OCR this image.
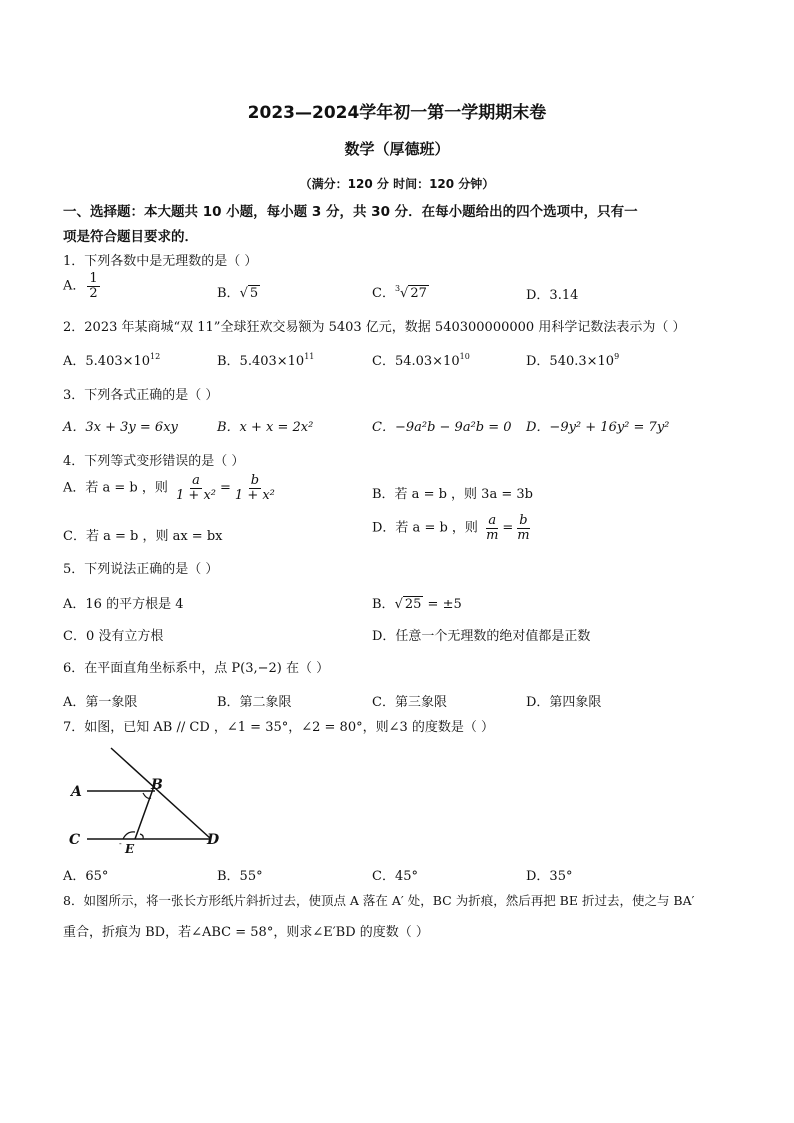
2023—2024学年初一第一学期期末卷
数学（厚德班）
（满分：120 分 时间：120 分钟）
一、选择题：本大题共 10 小题，每小题 3 分，共 30 分．在每小题给出的四个选项中，只有一
项是符合题目要求的．
1．下列各数中是无理数的是（ ）
A． $\frac{1}{2}$	B．√ 5	C．$^3$√ 27	D．3.14
2．2023 年某商城“双 11”全球狂欢交易额为 5403 亿元，数据 540300000000 用科学记数法表示为（ ）
A．$5.403\times 10^{12}$	B．$5.403\times 10^{11}$	C．$54.03\times 10^{10}$	D．$540.3\times 10^9$
3．下列各式正确的是（ ）
A．3x + 3y = 6xy	B．x + x = 2x²	C．−9a²b − 9a²b = 0 D．−9y² + 16y² = 7y²
4．下列等式变形错误的是（ ）
A．若 a = b ，则 $\frac{a}{\text{1 + x²}} = \frac{b}{\text{1 + x²}}$	B．若 a = b ，则 3a = 3b
C．若 a = b ，则 ax = bx
D．若 a = b ，则 $\frac{a}{m} = \frac{b}{m}$
5．下列说法正确的是（ ）
A．16 的平方根是 4	B．√ 25 = ±5
C．0 没有立方根	D．任意一个无理数的绝对值都是正数
6．在平面直角坐标系中，点 P(3,−2) 在（ ）
A．第一象限	B．第二象限	C．第三象限	D．第四象限
7．如图，已知 AB // CD ，∠1 = 35°，∠2 = 80°，则∠3 的度数是（ ）
-
A	B
C	D
E
A．65°	B．55°	C．45°	D．35°
8．如图所示，将一张长方形纸片斜折过去，使顶点 A 落在 A′ 处，BC 为折痕，然后再把 BE 折过去，使之与 BA′
重合，折痕为 BD，若∠ABC = 58°，则求∠E′BD 的度数（ ）
